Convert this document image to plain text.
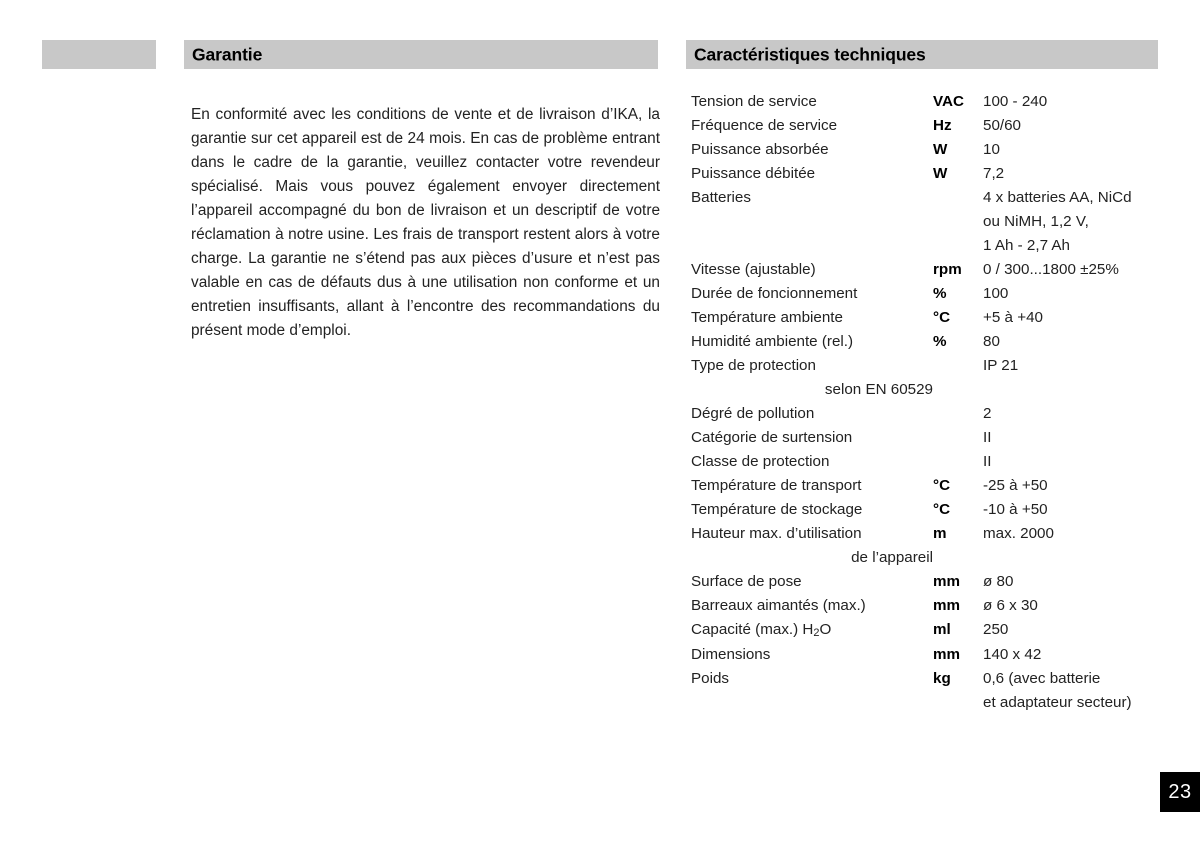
Garantie	Caractéristiques techniques

En conformité avec les conditions de vente et de livraison d’IKA, la garantie sur cet appareil est de 24 mois. En cas de problème entrant dans le cadre de la garantie, veuillez contacter votre revendeur spécialisé. Mais vous pouvez également envoyer directement l’appareil accompagné du bon de livraison et un descriptif de votre réclamation à notre usine. Les frais de transport restent alors à votre charge. La garantie ne s’étend pas aux pièces d’usure et n’est pas valable en cas de défauts dus à une utilisation non conforme et un entretien insuffisants, allant à l’encontre des recommandations du présent mode d’emploi.

Tension de service	VAC	100 - 240
Fréquence de service	Hz	50/60
Puissance absorbée	W	10
Puissance débitée	W	7,2
Batteries	4 x batteries AA, NiCd
ou NiMH, 1,2 V,
1 Ah - 2,7 Ah
Vitesse (ajustable)	rpm	0 / 300...1800 ±25%
Durée de foncionnement	%	100
Température ambiente	°C	+5 à +40
Humidité ambiente (rel.)	%	80
Type de protection	IP 21
selon EN 60529
Dégré de pollution	2
Catégorie de surtension	II
Classe de protection	II
Température de transport	°C	-25 à +50
Température de stockage	°C	-10 à +50
Hauteur max. d’utilisation	m	max. 2000
de l’appareil
Surface de pose	mm	ø 80
Barreaux aimantés (max.)	mm	ø 6 x 30
Capacité (max.) $H_2O$	ml	250
Dimensions	mm	140 x 42
Poids	kg	0,6 (avec batterie
et adaptateur secteur)
23
